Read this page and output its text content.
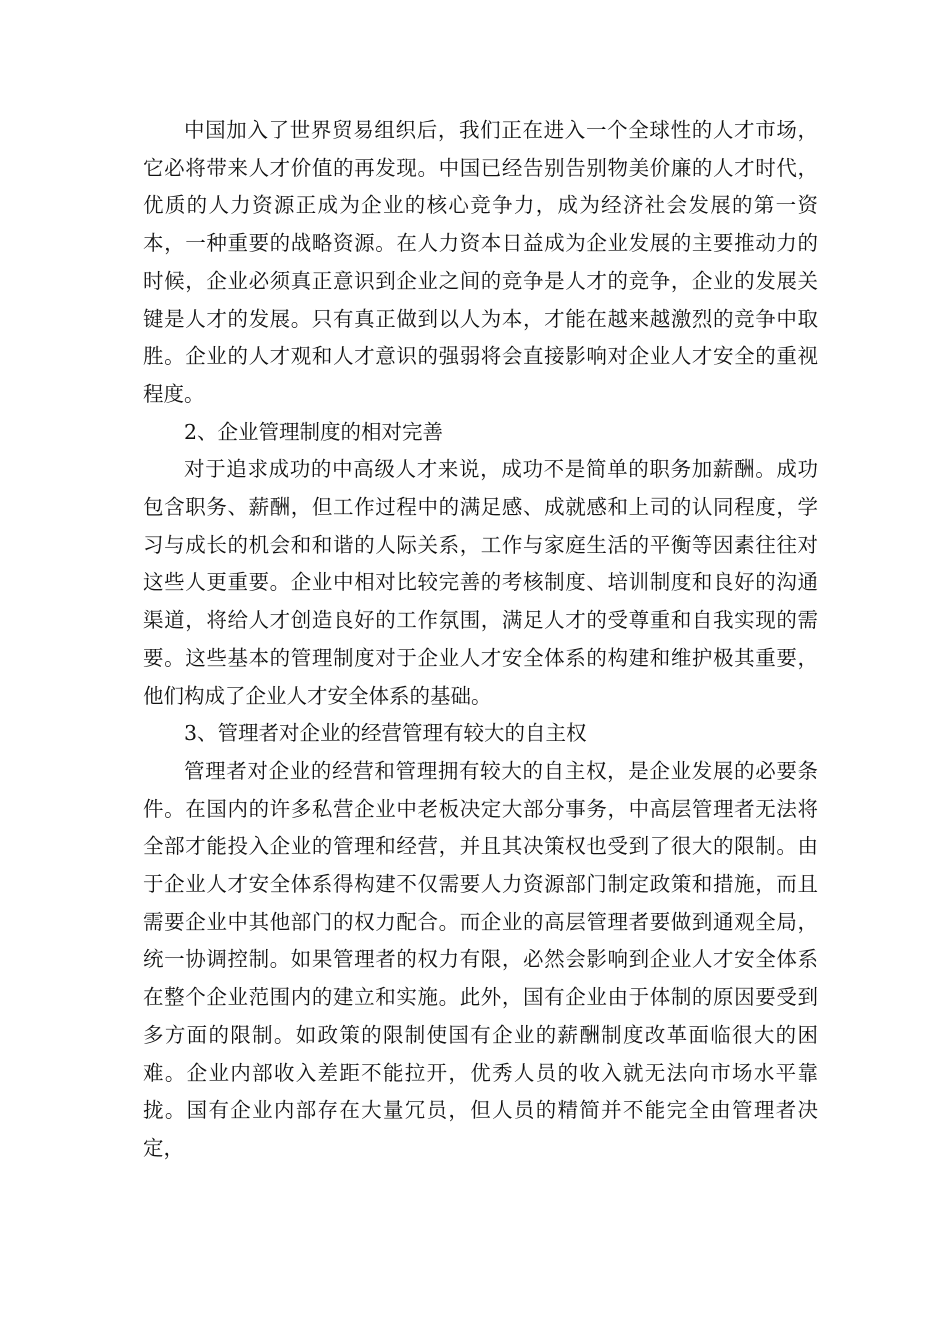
中国加入了世界贸易组织后，我们正在进入一个全球性的人才市场，它必将带来人才价值的再发现。中国已经告别告别物美价廉的人才时代，优质的人力资源正成为企业的核心竞争力，成为经济社会发展的第一资本，一种重要的战略资源。在人力资本日益成为企业发展的主要推动力的时候，企业必须真正意识到企业之间的竞争是人才的竞争，企业的发展关键是人才的发展。只有真正做到以人为本，才能在越来越激烈的竞争中取胜。企业的人才观和人才意识的强弱将会直接影响对企业人才安全的重视程度。

2、企业管理制度的相对完善

对于追求成功的中高级人才来说，成功不是简单的职务加薪酬。成功包含职务、薪酬，但工作过程中的满足感、成就感和上司的认同程度，学习与成长的机会和和谐的人际关系，工作与家庭生活的平衡等因素往往对这些人更重要。企业中相对比较完善的考核制度、培训制度和良好的沟通渠道，将给人才创造良好的工作氛围，满足人才的受尊重和自我实现的需要。这些基本的管理制度对于企业人才安全体系的构建和维护极其重要，他们构成了企业人才安全体系的基础。

3、管理者对企业的经营管理有较大的自主权

管理者对企业的经营和管理拥有较大的自主权，是企业发展的必要条件。在国内的许多私营企业中老板决定大部分事务，中高层管理者无法将全部才能投入企业的管理和经营，并且其决策权也受到了很大的限制。由于企业人才安全体系得构建不仅需要人力资源部门制定政策和措施，而且需要企业中其他部门的权力配合。而企业的高层管理者要做到通观全局，统一协调控制。如果管理者的权力有限，必然会影响到企业人才安全体系在整个企业范围内的建立和实施。此外，国有企业由于体制的原因要受到多方面的限制。如政策的限制使国有企业的薪酬制度改革面临很大的困难。企业内部收入差距不能拉开，优秀人员的收入就无法向市场水平靠拢。国有企业内部存在大量冗员，但人员的精简并不能完全由管理者决定，
